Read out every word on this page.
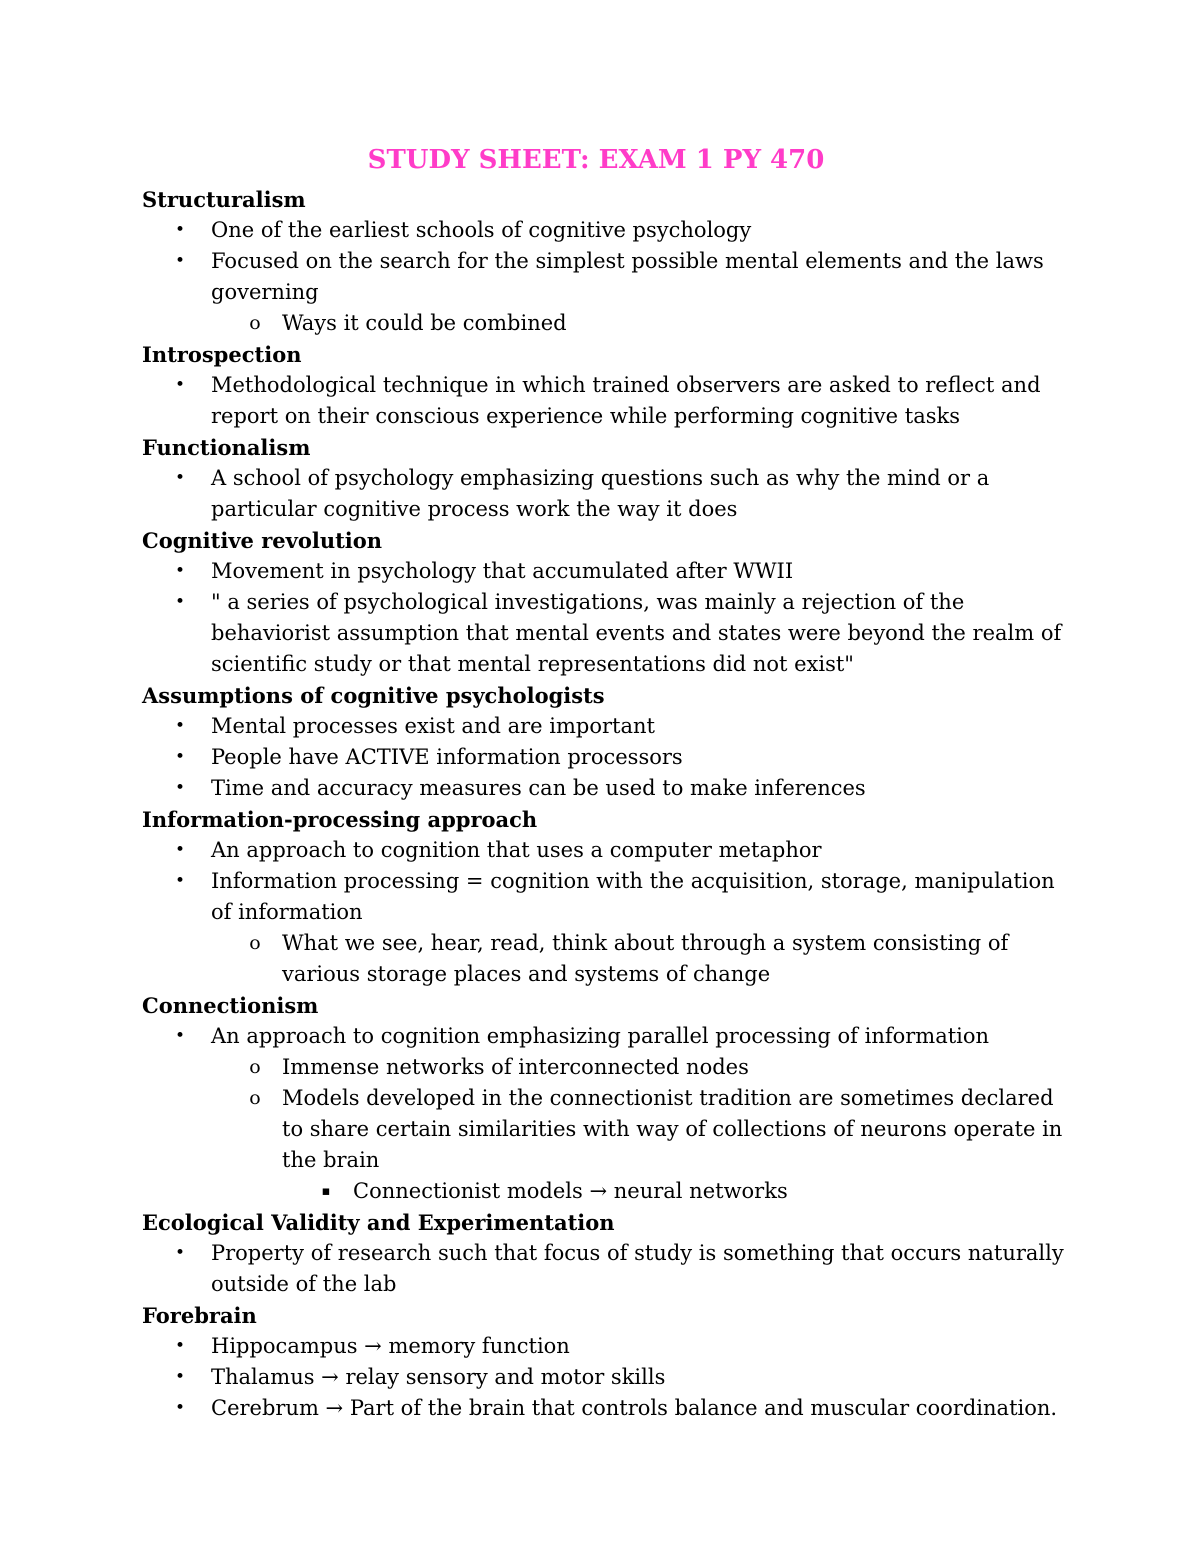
STUDY SHEET: EXAM 1 PY 470
Structuralism
• One of the earliest schools of cognitive psychology
• Focused on the search for the simplest possible mental elements and the laws governing
o Ways it could be combined
Introspection
• Methodological technique in which trained observers are asked to reflect and report on their conscious experience while performing cognitive tasks
Functionalism
• A school of psychology emphasizing questions such as why the mind or a particular cognitive process work the way it does
Cognitive revolution
• Movement in psychology that accumulated after WWII
• " a series of psychological investigations, was mainly a rejection of the behaviorist assumption that mental events and states were beyond the realm of scientific study or that mental representations did not exist"
Assumptions of cognitive psychologists
• Mental processes exist and are important
• People have ACTIVE information processors
• Time and accuracy measures can be used to make inferences
Information-processing approach
• An approach to cognition that uses a computer metaphor
• Information processing = cognition with the acquisition, storage, manipulation of information
o What we see, hear, read, think about through a system consisting of various storage places and systems of change
Connectionism
• An approach to cognition emphasizing parallel processing of information
o Immense networks of interconnected nodes
o Models developed in the connectionist tradition are sometimes declared to share certain similarities with way of collections of neurons operate in the brain
▪ Connectionist models → neural networks
Ecological Validity and Experimentation
• Property of research such that focus of study is something that occurs naturally outside of the lab
Forebrain
• Hippocampus → memory function
• Thalamus → relay sensory and motor skills
• Cerebrum → Part of the brain that controls balance and muscular coordination.
